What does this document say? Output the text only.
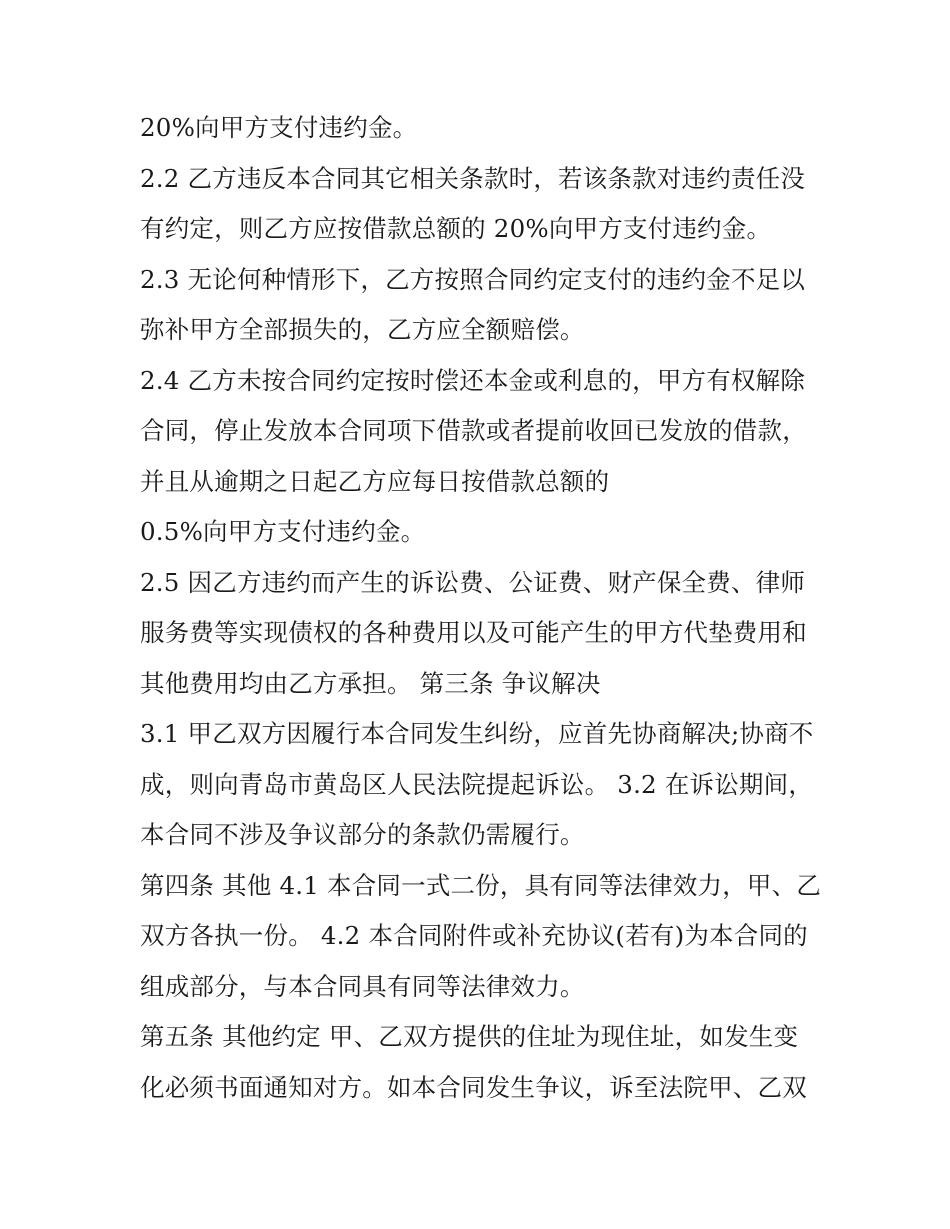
20%向甲方支付违约金。
2.2 乙方违反本合同其它相关条款时，若该条款对违约责任没
有约定，则乙方应按借款总额的 20%向甲方支付违约金。
2.3 无论何种情形下，乙方按照合同约定支付的违约金不足以
弥补甲方全部损失的，乙方应全额赔偿。
2.4 乙方未按合同约定按时偿还本金或利息的，甲方有权解除
合同，停止发放本合同项下借款或者提前收回已发放的借款，
并且从逾期之日起乙方应每日按借款总额的
0.5%向甲方支付违约金。
2.5 因乙方违约而产生的诉讼费、公证费、财产保全费、律师
服务费等实现债权的各种费用以及可能产生的甲方代垫费用和
其他费用均由乙方承担。 第三条 争议解决
3.1 甲乙双方因履行本合同发生纠纷，应首先协商解决;协商不
成，则向青岛市黄岛区人民法院提起诉讼。 3.2 在诉讼期间，
本合同不涉及争议部分的条款仍需履行。
第四条 其他 4.1 本合同一式二份，具有同等法律效力，甲、乙
双方各执一份。 4.2 本合同附件或补充协议(若有)为本合同的
组成部分，与本合同具有同等法律效力。
第五条 其他约定 甲、乙双方提供的住址为现住址，如发生变
化必须书面通知对方。如本合同发生争议，诉至法院甲、乙双
